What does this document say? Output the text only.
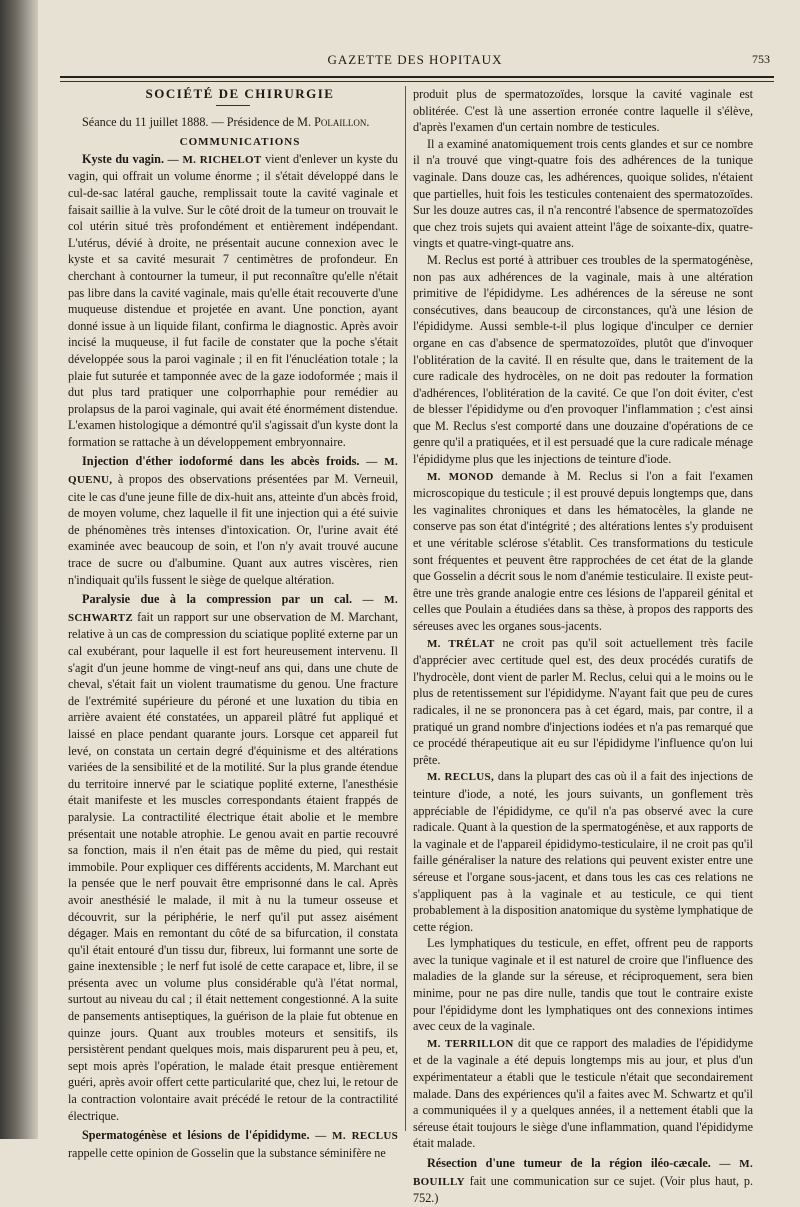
GAZETTE DES HOPITAUX	753

SOCIÉTÉ DE CHIRURGIE

Séance du 11 juillet 1888. — Présidence de M. Polaillon.

COMMUNICATIONS

Kyste du vagin. — M. RICHELOT vient d'enlever un kyste du vagin, qui offrait un volume énorme ; il s'était développé dans le cul-de-sac latéral gauche, remplissait toute la cavité vaginale et faisait saillie à la vulve. Sur le côté droit de la tumeur on trouvait le col utérin situé très profondément et entièrement indépendant. L'utérus, dévié à droite, ne présentait aucune connexion avec le kyste et sa cavité mesurait 7 centimètres de profondeur. En cherchant à contourner la tumeur, il put reconnaître qu'elle n'était pas libre dans la cavité vaginale, mais qu'elle était recouverte d'une muqueuse distendue et projetée en avant. Une ponction, ayant donné issue à un liquide filant, confirma le diagnostic. Après avoir incisé la muqueuse, il fut facile de constater que la poche s'était développée sous la paroi vaginale ; il en fit l'énucléation totale ; la plaie fut suturée et tamponnée avec de la gaze iodoformée ; mais il dut plus tard pratiquer une colporrhaphie pour remédier au prolapsus de la paroi vaginale, qui avait été énormément distendue. L'examen histologique a démontré qu'il s'agissait d'un kyste dont la formation se rattache à un développement embryonnaire.

Injection d'éther iodoformé dans les abcès froids. — M. QUENU, à propos des observations présentées par M. Verneuil, cite le cas d'une jeune fille de dix-huit ans, atteinte d'un abcès froid, de moyen volume, chez laquelle il fit une injection qui a été suivie de phénomènes très intenses d'intoxication. Or, l'urine avait été examinée avec beaucoup de soin, et l'on n'y avait trouvé aucune trace de sucre ou d'albumine. Quant aux autres viscères, rien n'indiquait qu'ils fussent le siège de quelque altération.

Paralysie due à la compression par un cal. — M. SCHWARTZ fait un rapport sur une observation de M. Marchant, relative à un cas de compression du sciatique poplité externe par un cal exubérant, pour laquelle il est fort heureusement intervenu. Il s'agit d'un jeune homme de vingt-neuf ans qui, dans une chute de cheval, s'était fait un violent traumatisme du genou. Une fracture de l'extrémité supérieure du péroné et une luxation du tibia en arrière avaient été constatées, un appareil plâtré fut appliqué et laissé en place pendant quarante jours. Lorsque cet appareil fut levé, on constata un certain degré d'équinisme et des altérations variées de la sensibilité et de la motilité. Sur la plus grande étendue du territoire innervé par le sciatique poplité externe, l'anesthésie était manifeste et les muscles correspondants étaient frappés de paralysie. La contractilité électrique était abolie et le membre présentait une notable atrophie. Le genou avait en partie recouvré sa fonction, mais il n'en était pas de même du pied, qui restait immobile. Pour expliquer ces différents accidents, M. Marchant eut la pensée que le nerf pouvait être emprisonné dans le cal. Après avoir anesthésié le malade, il mit à nu la tumeur osseuse et découvrit, sur la périphérie, le nerf qu'il put assez aisément dégager. Mais en remontant du côté de sa bifurcation, il constata qu'il était entouré d'un tissu dur, fibreux, lui formannt une sorte de gaine inextensible ; le nerf fut isolé de cette carapace et, libre, il se présenta avec un volume plus considérable qu'à l'état normal, surtout au niveau du cal ; il était nettement congestionné. A la suite de pansements antiseptiques, la guérison de la plaie fut obtenue en quinze jours. Quant aux troubles moteurs et sensitifs, ils persistèrent pendant quelques mois, mais disparurent peu à peu, et, sept mois après l'opération, le malade était presque entièrement guéri, après avoir offert cette particularité que, chez lui, le retour de la contraction volontaire avait précédé le retour de la contractilité électrique.

Spermatogénèse et lésions de l'épididyme. — M. RECLUS rappelle cette opinion de Gosselin que la substance séminifère ne

produit plus de spermatozoïdes, lorsque la cavité vaginale est oblitérée. C'est là une assertion erronée contre laquelle il s'élève, d'après l'examen d'un certain nombre de testicules.

Il a examiné anatomiquement trois cents glandes et sur ce nombre il n'a trouvé que vingt-quatre fois des adhérences de la tunique vaginale. Dans douze cas, les adhérences, quoique solides, n'étaient que partielles, huit fois les testicules contenaient des spermatozoïdes. Sur les douze autres cas, il n'a rencontré l'absence de spermatozoïdes que chez trois sujets qui avaient atteint l'âge de soixante-dix, quatre-vingts et quatre-vingt-quatre ans.

M. Reclus est porté à attribuer ces troubles de la spermatogénèse, non pas aux adhérences de la vaginale, mais à une altération primitive de l'épididyme. Les adhérences de la séreuse ne sont consécutives, dans beaucoup de circonstances, qu'à une lésion de l'épididyme. Aussi semble-t-il plus logique d'inculper ce dernier organe en cas d'absence de spermatozoïdes, plutôt que d'invoquer l'oblitération de la cavité. Il en résulte que, dans le traitement de la cure radicale des hydrocèles, on ne doit pas redouter la formation d'adhérences, l'oblitération de la cavité. Ce que l'on doit éviter, c'est de blesser l'épididyme ou d'en provoquer l'inflammation ; c'est ainsi que M. Reclus s'est comporté dans une douzaine d'opérations de ce genre qu'il a pratiquées, et il est persuadé que la cure radicale ménage l'épididyme plus que les injections de teinture d'iode.

M. MONOD demande à M. Reclus si l'on a fait l'examen microscopique du testicule ; il est prouvé depuis longtemps que, dans les vaginalites chroniques et dans les hématocèles, la glande ne conserve pas son état d'intégrité ; des altérations lentes s'y produisent et une véritable sclérose s'établit. Ces transformations du testicule sont fréquentes et peuvent être rapprochées de cet état de la glande que Gosselin a décrit sous le nom d'anémie testiculaire. Il existe peut-être une très grande analogie entre ces lésions de l'appareil génital et celles que Poulain a étudiées dans sa thèse, à propos des rapports des séreuses avec les organes sous-jacents.

M. TRÉLAT ne croit pas qu'il soit actuellement très facile d'apprécier avec certitude quel est, des deux procédés curatifs de l'hydrocèle, dont vient de parler M. Reclus, celui qui a le moins ou le plus de retentissement sur l'épididyme. N'ayant fait que peu de cures radicales, il ne se prononcera pas à cet égard, mais, par contre, il a pratiqué un grand nombre d'injections iodées et n'a pas remarqué que ce procédé thérapeutique ait eu sur l'épididyme l'influence qu'on lui prête.

M. RECLUS, dans la plupart des cas où il a fait des injections de teinture d'iode, a noté, les jours suivants, un gonflement très appréciable de l'épididyme, ce qu'il n'a pas observé avec la cure radicale. Quant à la question de la spermatogénèse, et aux rapports de la vaginale et de l'appareil épididymo-testiculaire, il ne croit pas qu'il faille généraliser la nature des relations qui peuvent exister entre une séreuse et l'organe sous-jacent, et dans tous les cas ces relations ne s'appliquent pas à la vaginale et au testicule, ce qui tient probablement à la disposition anatomique du système lymphatique de cette région.

Les lymphatiques du testicule, en effet, offrent peu de rapports avec la tunique vaginale et il est naturel de croire que l'influence des maladies de la glande sur la séreuse, et réciproquement, sera bien minime, pour ne pas dire nulle, tandis que tout le contraire existe pour l'épididyme dont les lymphatiques ont des connexions intimes avec ceux de la vaginale.

M. TERRILLON dit que ce rapport des maladies de l'épididyme et de la vaginale a été depuis longtemps mis au jour, et plus d'un expérimentateur a établi que le testicule n'était que secondairement malade. Dans des expériences qu'il a faites avec M. Schwartz et qu'il a communiquées il y a quelques années, il a nettement établi que la séreuse était toujours le siège d'une inflammation, quand l'épididyme était malade.

Résection d'une tumeur de la région iléo-cæcale. — M. BOUILLY fait une communication sur ce sujet. (Voir plus haut, p. 752.)
